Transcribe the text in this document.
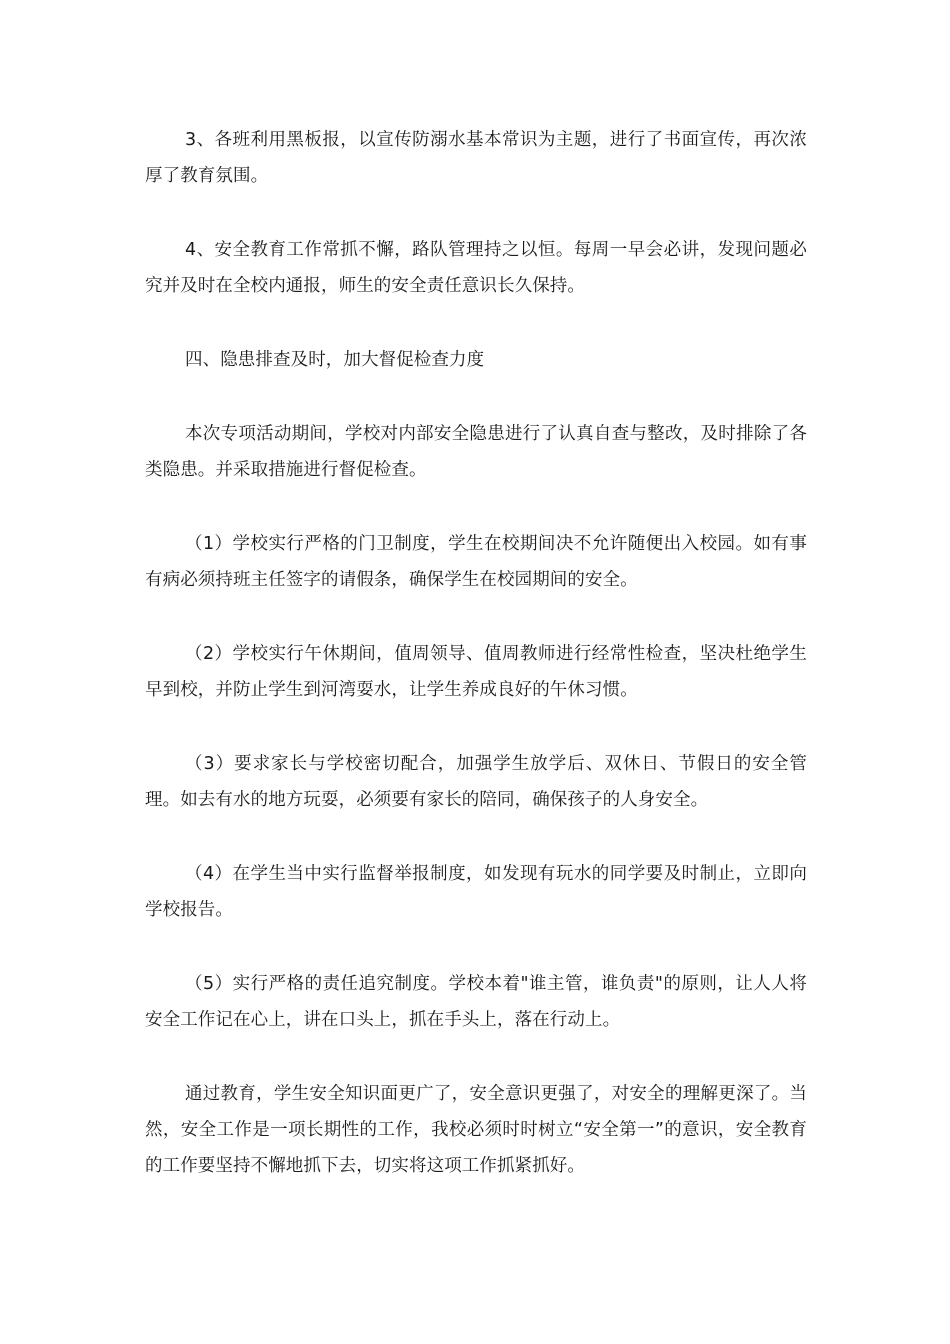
3、各班利用黑板报，以宣传防溺水基本常识为主题，进行了书面宣传，再次浓厚了教育氛围。

4、安全教育工作常抓不懈，路队管理持之以恒。每周一早会必讲，发现问题必究并及时在全校内通报，师生的安全责任意识长久保持。

四、隐患排查及时，加大督促检查力度

本次专项活动期间，学校对内部安全隐患进行了认真自查与整改，及时排除了各类隐患。并采取措施进行督促检查。

（1）学校实行严格的门卫制度，学生在校期间决不允许随便出入校园。如有事有病必须持班主任签字的请假条，确保学生在校园期间的安全。

（2）学校实行午休期间，值周领导、值周教师进行经常性检查，坚决杜绝学生早到校，并防止学生到河湾耍水，让学生养成良好的午休习惯。

（3）要求家长与学校密切配合，加强学生放学后、双休日、节假日的安全管理。如去有水的地方玩耍，必须要有家长的陪同，确保孩子的人身安全。

（4）在学生当中实行监督举报制度，如发现有玩水的同学要及时制止，立即向学校报告。

（5）实行严格的责任追究制度。学校本着"谁主管，谁负责"的原则，让人人将安全工作记在心上，讲在口头上，抓在手头上，落在行动上。

通过教育，学生安全知识面更广了，安全意识更强了，对安全的理解更深了。当然，安全工作是一项长期性的工作，我校必须时时树立“安全第一”的意识，安全教育的工作要坚持不懈地抓下去，切实将这项工作抓紧抓好。
